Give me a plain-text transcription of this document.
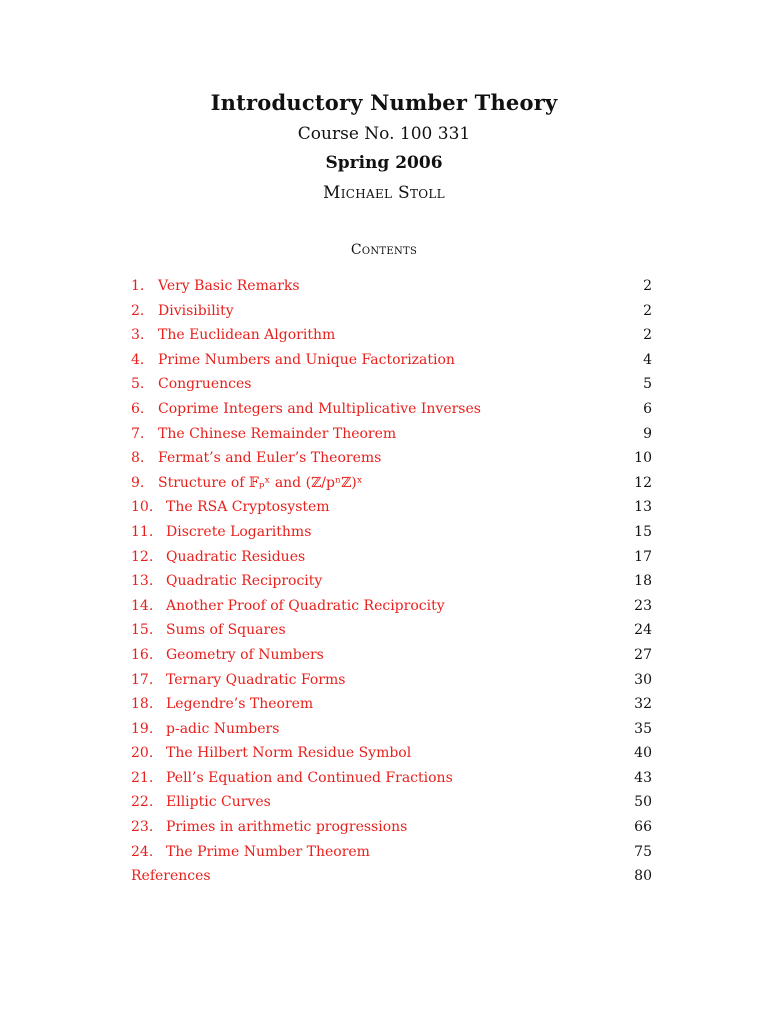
Introductory Number Theory
Course No. 100 331
Spring 2006
Michael Stoll
Contents
1. Very Basic Remarks	2
2. Divisibility	2
3. The Euclidean Algorithm	2
4. Prime Numbers and Unique Factorization	4
5. Congruences	5
6. Coprime Integers and Multiplicative Inverses	6
7. The Chinese Remainder Theorem	9
8. Fermat’s and Euler’s Theorems	10
9. Structure of 𝔽ₚˣ and (ℤ/pⁿℤ)ˣ	12
10. The RSA Cryptosystem	13
11. Discrete Logarithms	15
12. Quadratic Residues	17
13. Quadratic Reciprocity	18
14. Another Proof of Quadratic Reciprocity	23
15. Sums of Squares	24
16. Geometry of Numbers	27
17. Ternary Quadratic Forms	30
18. Legendre’s Theorem	32
19. p-adic Numbers	35
20. The Hilbert Norm Residue Symbol	40
21. Pell’s Equation and Continued Fractions	43
22. Elliptic Curves	50
23. Primes in arithmetic progressions	66
24. The Prime Number Theorem	75
References	80
